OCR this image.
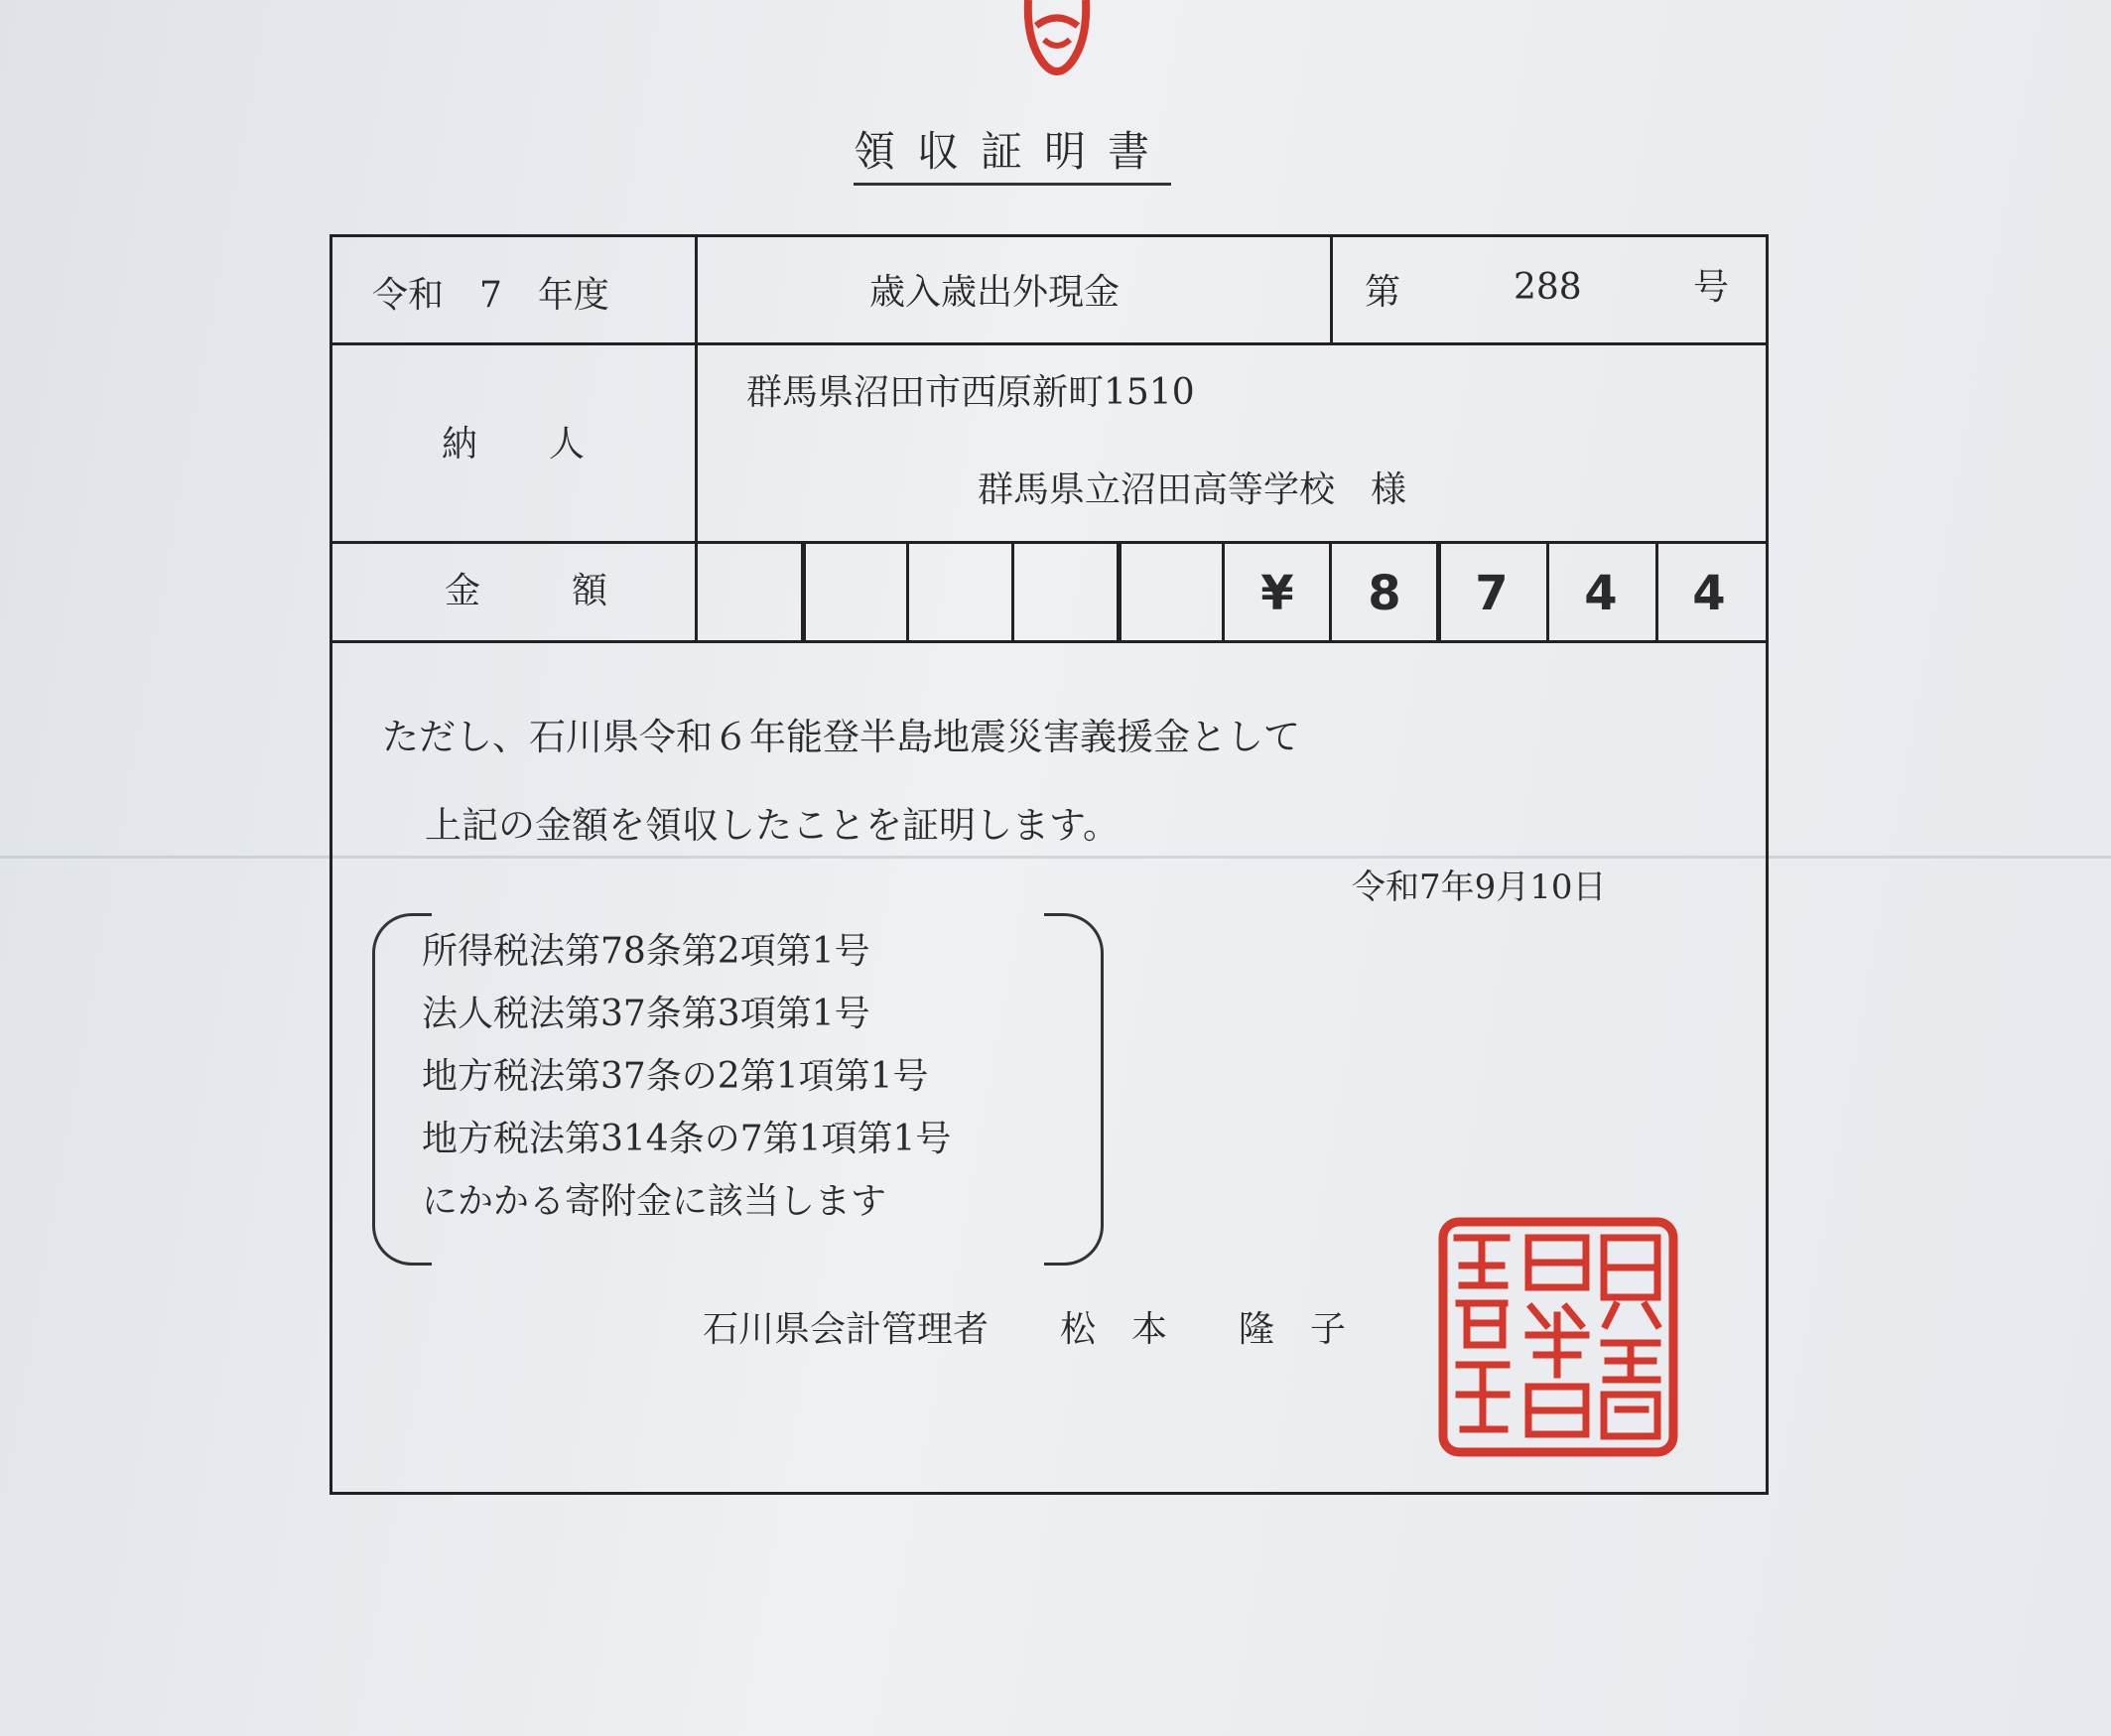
領収証明書
令和　7　年度	歳入歳出外現金	第	288	号
納　　人
群馬県沼田市西原新町1510
群馬県立沼田高等学校　様
金　額	¥	8	7	4	4
ただし、石川県令和６年能登半島地震災害義援金として
上記の金額を領収したことを証明します。
令和7年9月10日
所得税法第78条第2項第1号
法人税法第37条第3項第1号
地方税法第37条の2第1項第1号
地方税法第314条の7第1項第1号
にかかる寄附金に該当します
石川県会計管理者　　松　本　　隆　子
